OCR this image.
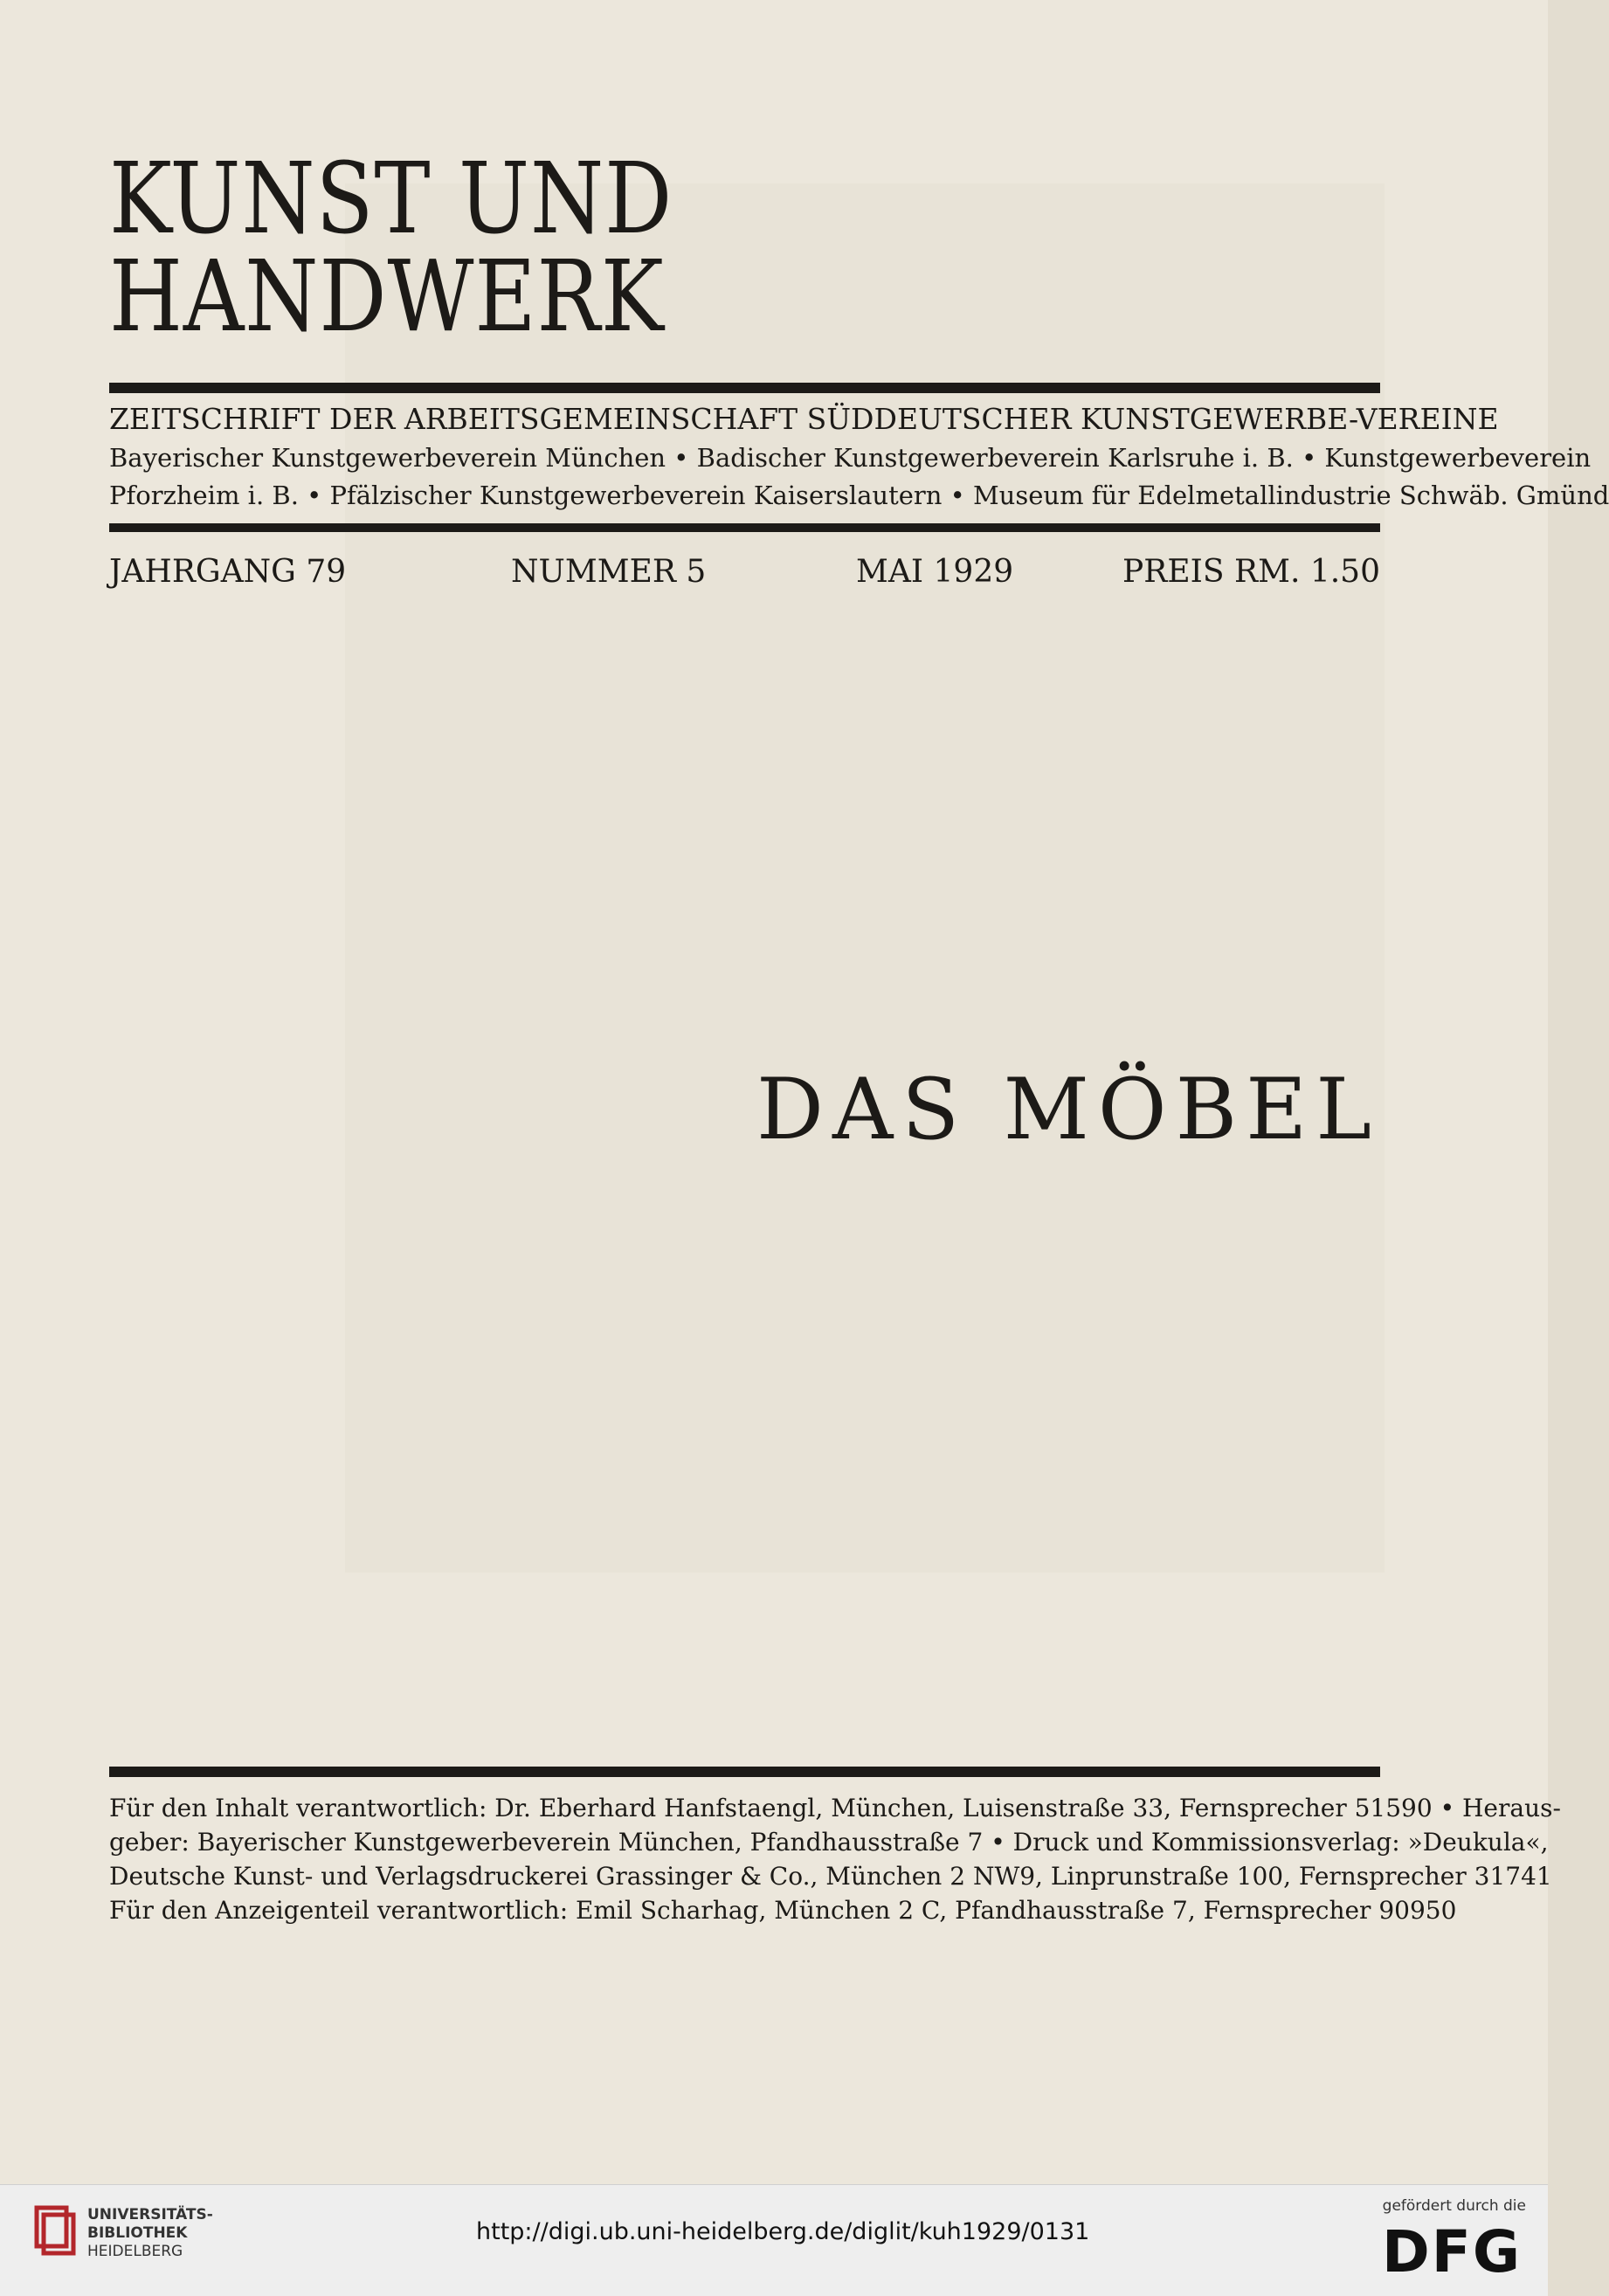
KUNST UND
HANDWERK
ZEITSCHRIFT DER ARBEITSGEMEINSCHAFT SÜDDEUTSCHER KUNSTGEWERBE-VEREINE
Bayerischer Kunstgewerbeverein München • Badischer Kunstgewerbeverein Karlsruhe i. B. • Kunstgewerbeverein
Pforzheim i. B. • Pfälzischer Kunstgewerbeverein Kaiserslautern • Museum für Edelmetallindustrie Schwäb. Gmünd
JAHRGANG 79	NUMMER 5	MAI 1929	PREIS RM. 1.50
DAS MÖBEL
Für den Inhalt verantwortlich: Dr. Eberhard Hanfstaengl, München, Luisenstraße 33, Fernsprecher 51590 • Heraus-
geber: Bayerischer Kunstgewerbeverein München, Pfandhausstraße 7 • Druck und Kommissionsverlag: »Deukula«,
Deutsche Kunst- und Verlagsdruckerei Grassinger & Co., München 2 NW9, Linprunstraße 100, Fernsprecher 31741
Für den Anzeigenteil verantwortlich: Emil Scharhag, München 2 C, Pfandhausstraße 7, Fernsprecher 90950
UNIVERSITÄTS-
BIBLIOTHEK
HEIDELBERG
http://digi.ub.uni-heidelberg.de/diglit/kuh1929/0131
gefördert durch die
DFG
